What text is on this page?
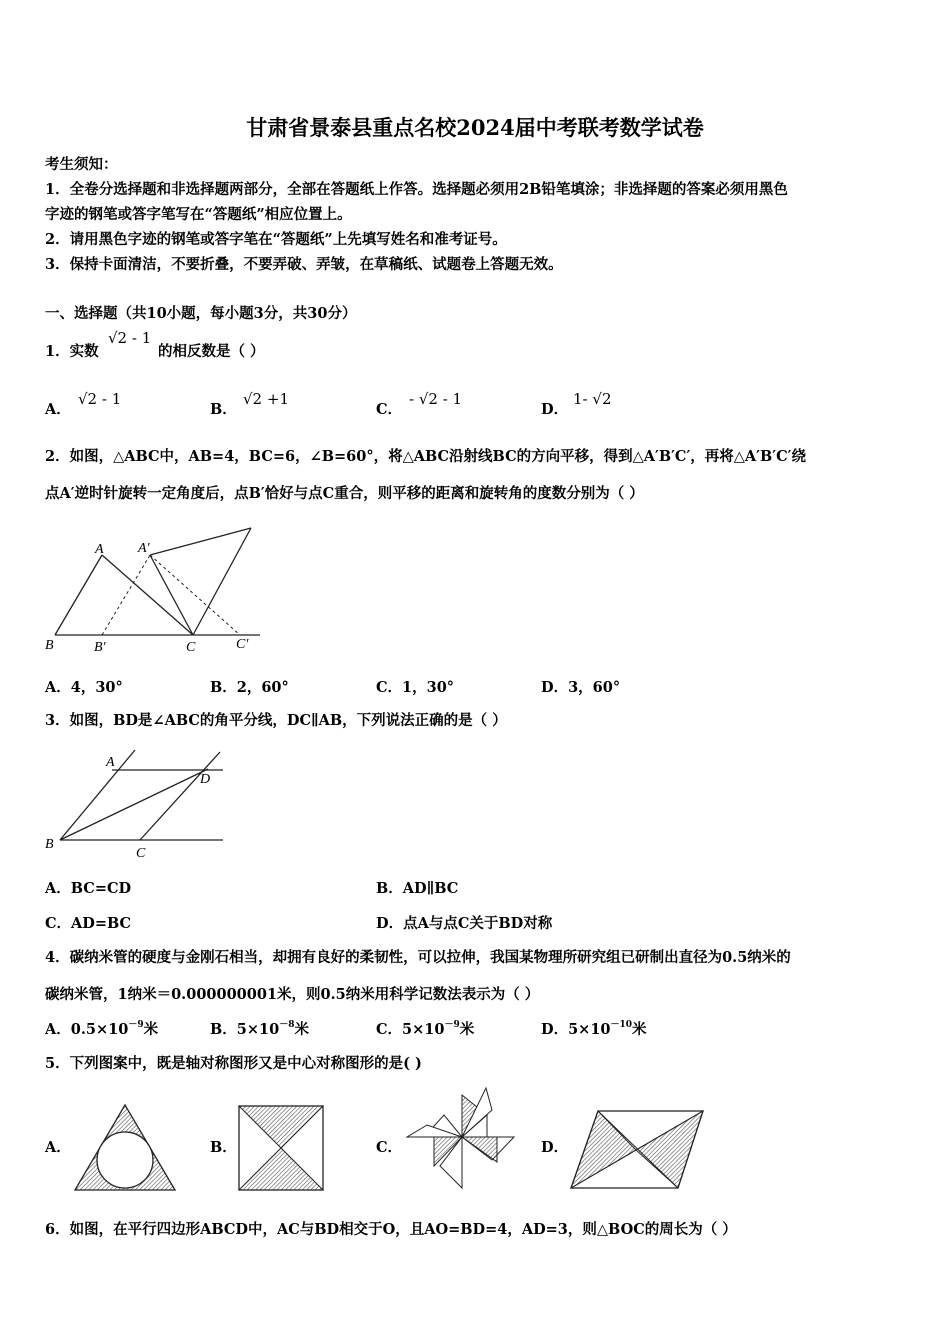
甘肃省景泰县重点名校2024届中考联考数学试卷
考生须知：
1．全卷分选择题和非选择题两部分，全部在答题纸上作答。选择题必须用2B铅笔填涂；非选择题的答案必须用黑色
字迹的钢笔或答字笔写在“答题纸”相应位置上。
2．请用黑色字迹的钢笔或答字笔在“答题纸”上先填写姓名和准考证号。
3．保持卡面清洁，不要折叠，不要弄破、弄皱，在草稿纸、试题卷上答题无效。
一、选择题（共10小题，每小题3分，共30分）
1．实数
√2 - 1
的相反数是（ ）
A．
√2 - 1
B．
√2 +1
C．
- √2 - 1
D．
1- √2
2．如图，△ABC中，AB=4，BC=6，∠B=60°，将△ABC沿射线BC的方向平移，得到△A′B′C′，再将△A′B′C′绕
点A′逆时针旋转一定角度后，点B′恰好与点C重合，则平移的距离和旋转角的度数分别为（ ）
A A′
B	B′	C	C′
A．4，30°	B．2，60°	C．1，30°	D．3，60°
3．如图，BD是∠ABC的角平分线，DC∥AB，下列说法正确的是（ ）
A
D
B
C
A．BC=CD	B．AD∥BC
C．AD=BC	D．点A与点C关于BD对称
4．碳纳米管的硬度与金刚石相当，却拥有良好的柔韧性，可以拉伸，我国某物理所研究组已研制出直径为0.5纳米的
碳纳米管，1纳米＝0.000000001米，则0.5纳米用科学记数法表示为（ ）
A．$0.5\times 10^{-9}$米	B．$5\times 10^{-8}$米	C．$5\times 10^{-9}$米	D．$5\times 10^{-10}$米
5．下列图案中，既是轴对称图形又是中心对称图形的是( )
A．	B．	C．	D．
6．如图，在平行四边形ABCD中，AC与BD相交于O，且AO=BD=4，AD=3，则△BOC的周长为（ ）
